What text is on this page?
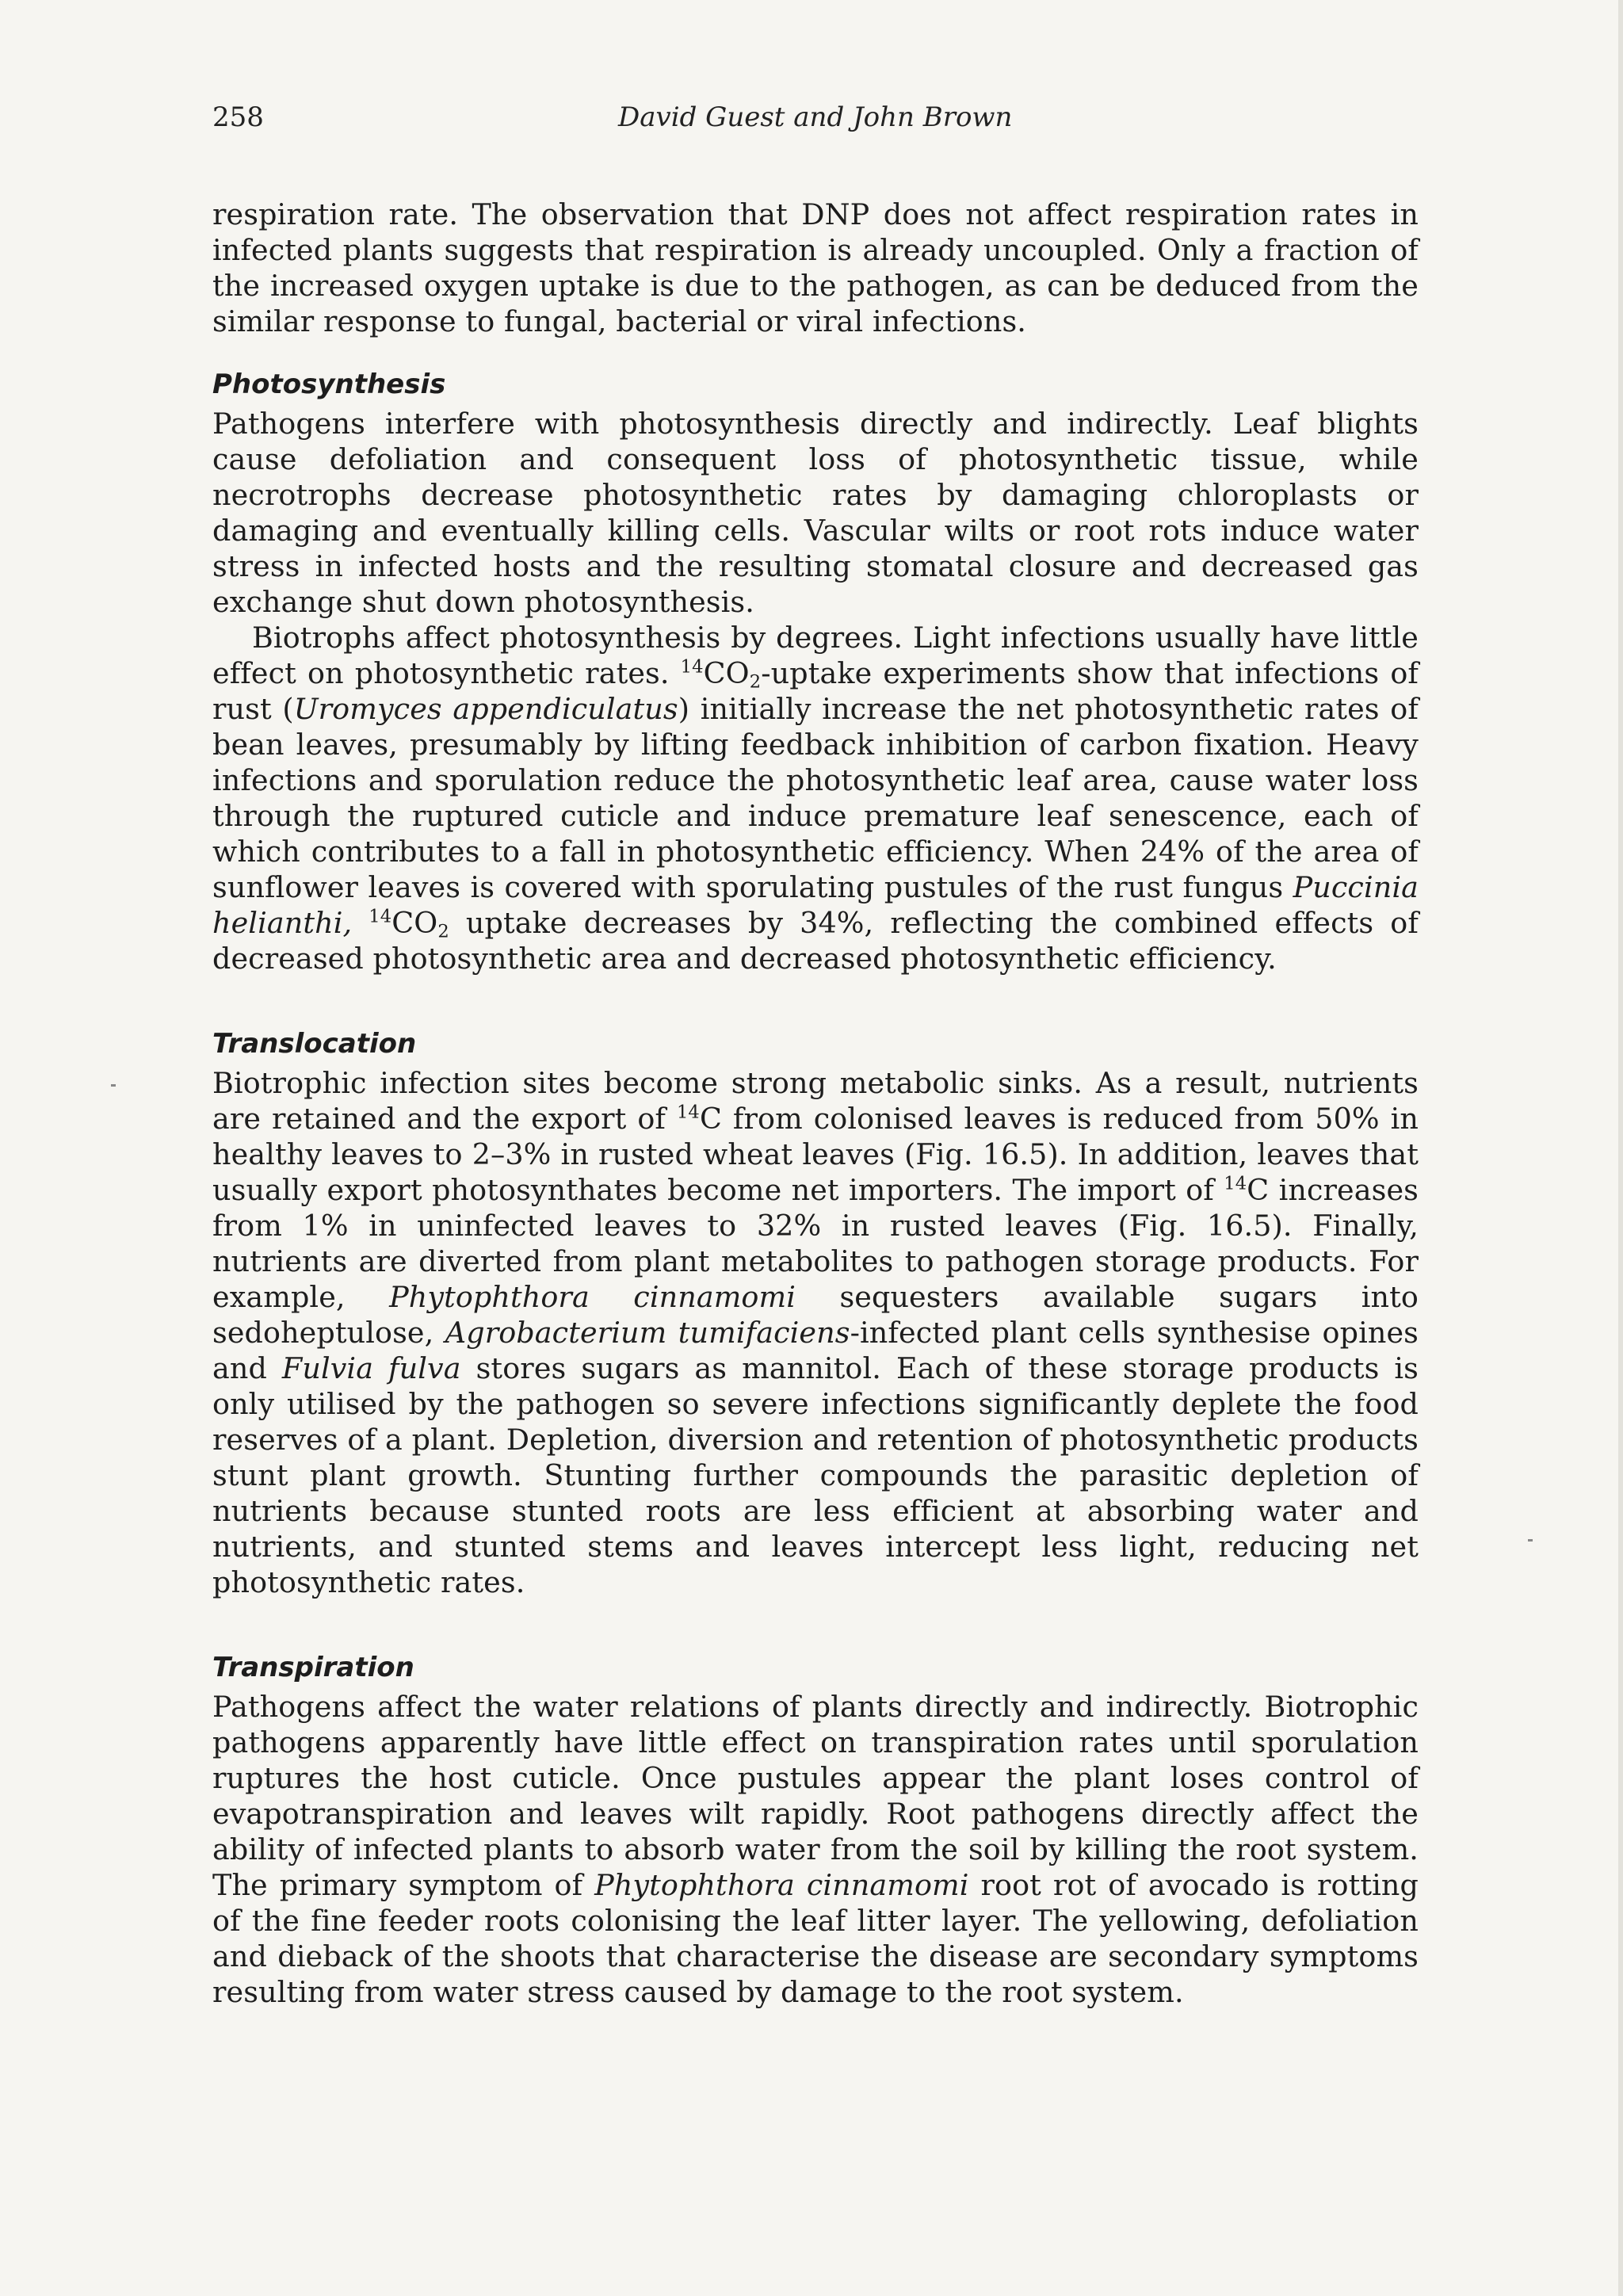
258	David Guest and John Brown

respiration rate. The observation that DNP does not affect respiration rates in infected plants suggests that respiration is already uncoupled. Only a fraction of the increased oxygen uptake is due to the pathogen, as can be deduced from the similar response to fungal, bacterial or viral infections.

Photosynthesis

Pathogens interfere with photosynthesis directly and indirectly. Leaf blights cause defoliation and consequent loss of photosynthetic tissue, while necrotrophs decrease photosynthetic rates by damaging chloroplasts or damaging and eventually killing cells. Vascular wilts or root rots induce water stress in infected hosts and the resulting stomatal closure and decreased gas exchange shut down photosynthesis.

Biotrophs affect photosynthesis by degrees. Light infections usually have little effect on photosynthetic rates. $^{14}CO_2$-uptake experiments show that infections of rust (Uromyces appendiculatus) initially increase the net photosynthetic rates of bean leaves, presumably by lifting feedback inhibition of carbon fixation. Heavy infections and sporulation reduce the photosynthetic leaf area, cause water loss through the ruptured cuticle and induce premature leaf senescence, each of which contributes to a fall in photosynthetic efficiency. When 24% of the area of sunflower leaves is covered with sporulating pustules of the rust fungus Puccinia helianthi, $^{14}CO_2$ uptake decreases by 34%, reflecting the combined effects of decreased photosynthetic area and decreased photosynthetic efficiency.

Translocation

Biotrophic infection sites become strong metabolic sinks. As a result, nutrients are retained and the export of $^{14}$C from colonised leaves is reduced from 50% in healthy leaves to 2–3% in rusted wheat leaves (Fig. 16.5). In addition, leaves that usually export photosynthates become net importers. The import of $^{14}$C increases from 1% in uninfected leaves to 32% in rusted leaves (Fig. 16.5). Finally, nutrients are diverted from plant metabolites to pathogen storage products. For example, Phytophthora cinnamomi sequesters available sugars into sedoheptulose, Agrobacterium tumifaciens-infected plant cells synthesise opines and Fulvia fulva stores sugars as mannitol. Each of these storage products is only utilised by the pathogen so severe infections significantly deplete the food reserves of a plant. Depletion, diversion and retention of photosynthetic products stunt plant growth. Stunting further compounds the parasitic depletion of nutrients because stunted roots are less efficient at absorbing water and nutrients, and stunted stems and leaves intercept less light, reducing net photosynthetic rates.

Transpiration

Pathogens affect the water relations of plants directly and indirectly. Biotrophic pathogens apparently have little effect on transpiration rates until sporulation ruptures the host cuticle. Once pustules appear the plant loses control of evapotranspiration and leaves wilt rapidly. Root pathogens directly affect the ability of infected plants to absorb water from the soil by killing the root system. The primary symptom of Phytophthora cinnamomi root rot of avocado is rotting of the fine feeder roots colonising the leaf litter layer. The yellowing, defoliation and dieback of the shoots that characterise the disease are secondary symptoms resulting from water stress caused by damage to the root system.
